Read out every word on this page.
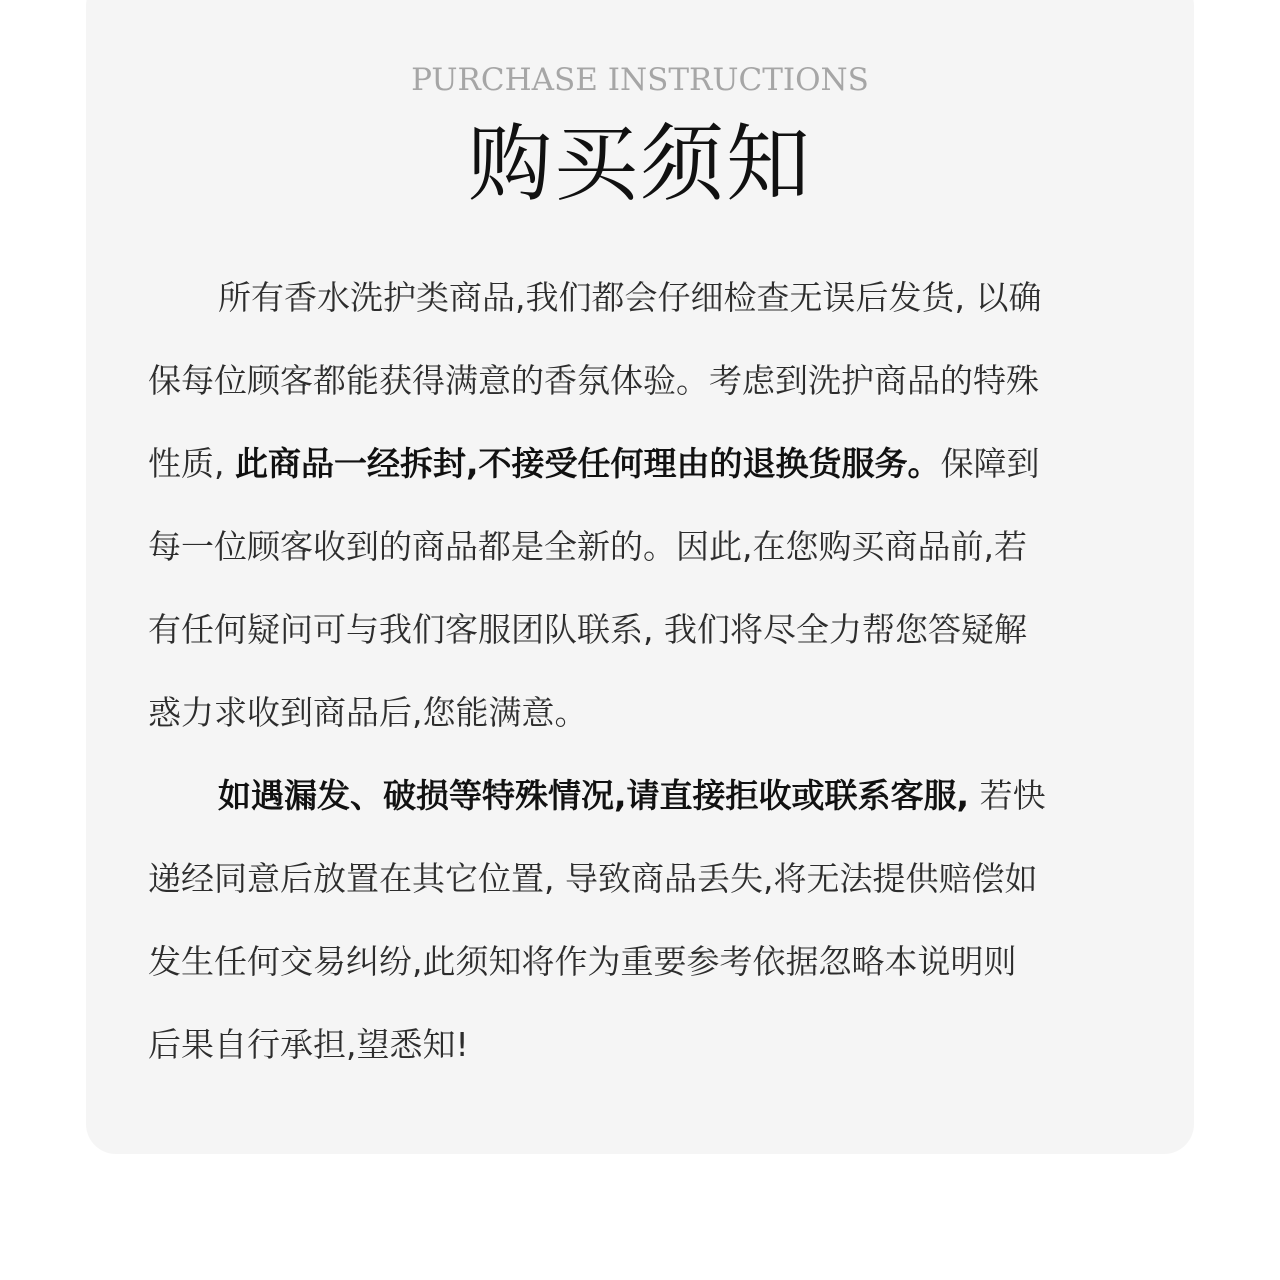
PURCHASE INSTRUCTIONS
购买须知
所有香水洗护类商品,我们都会仔细检查无误后发货, 以确
保每位顾客都能获得满意的香氛体验。考虑到洗护商品的特殊
性质, 此商品一经拆封,不接受任何理由的退换货服务。保障到
每一位顾客收到的商品都是全新的。因此,在您购买商品前,若
有任何疑问可与我们客服团队联系, 我们将尽全力帮您答疑解
惑力求收到商品后,您能满意。
如遇漏发、破损等特殊情况,请直接拒收或联系客服, 若快
递经同意后放置在其它位置, 导致商品丢失,将无法提供赔偿如
发生任何交易纠纷,此须知将作为重要参考依据忽略本说明则
后果自行承担,望悉知!
